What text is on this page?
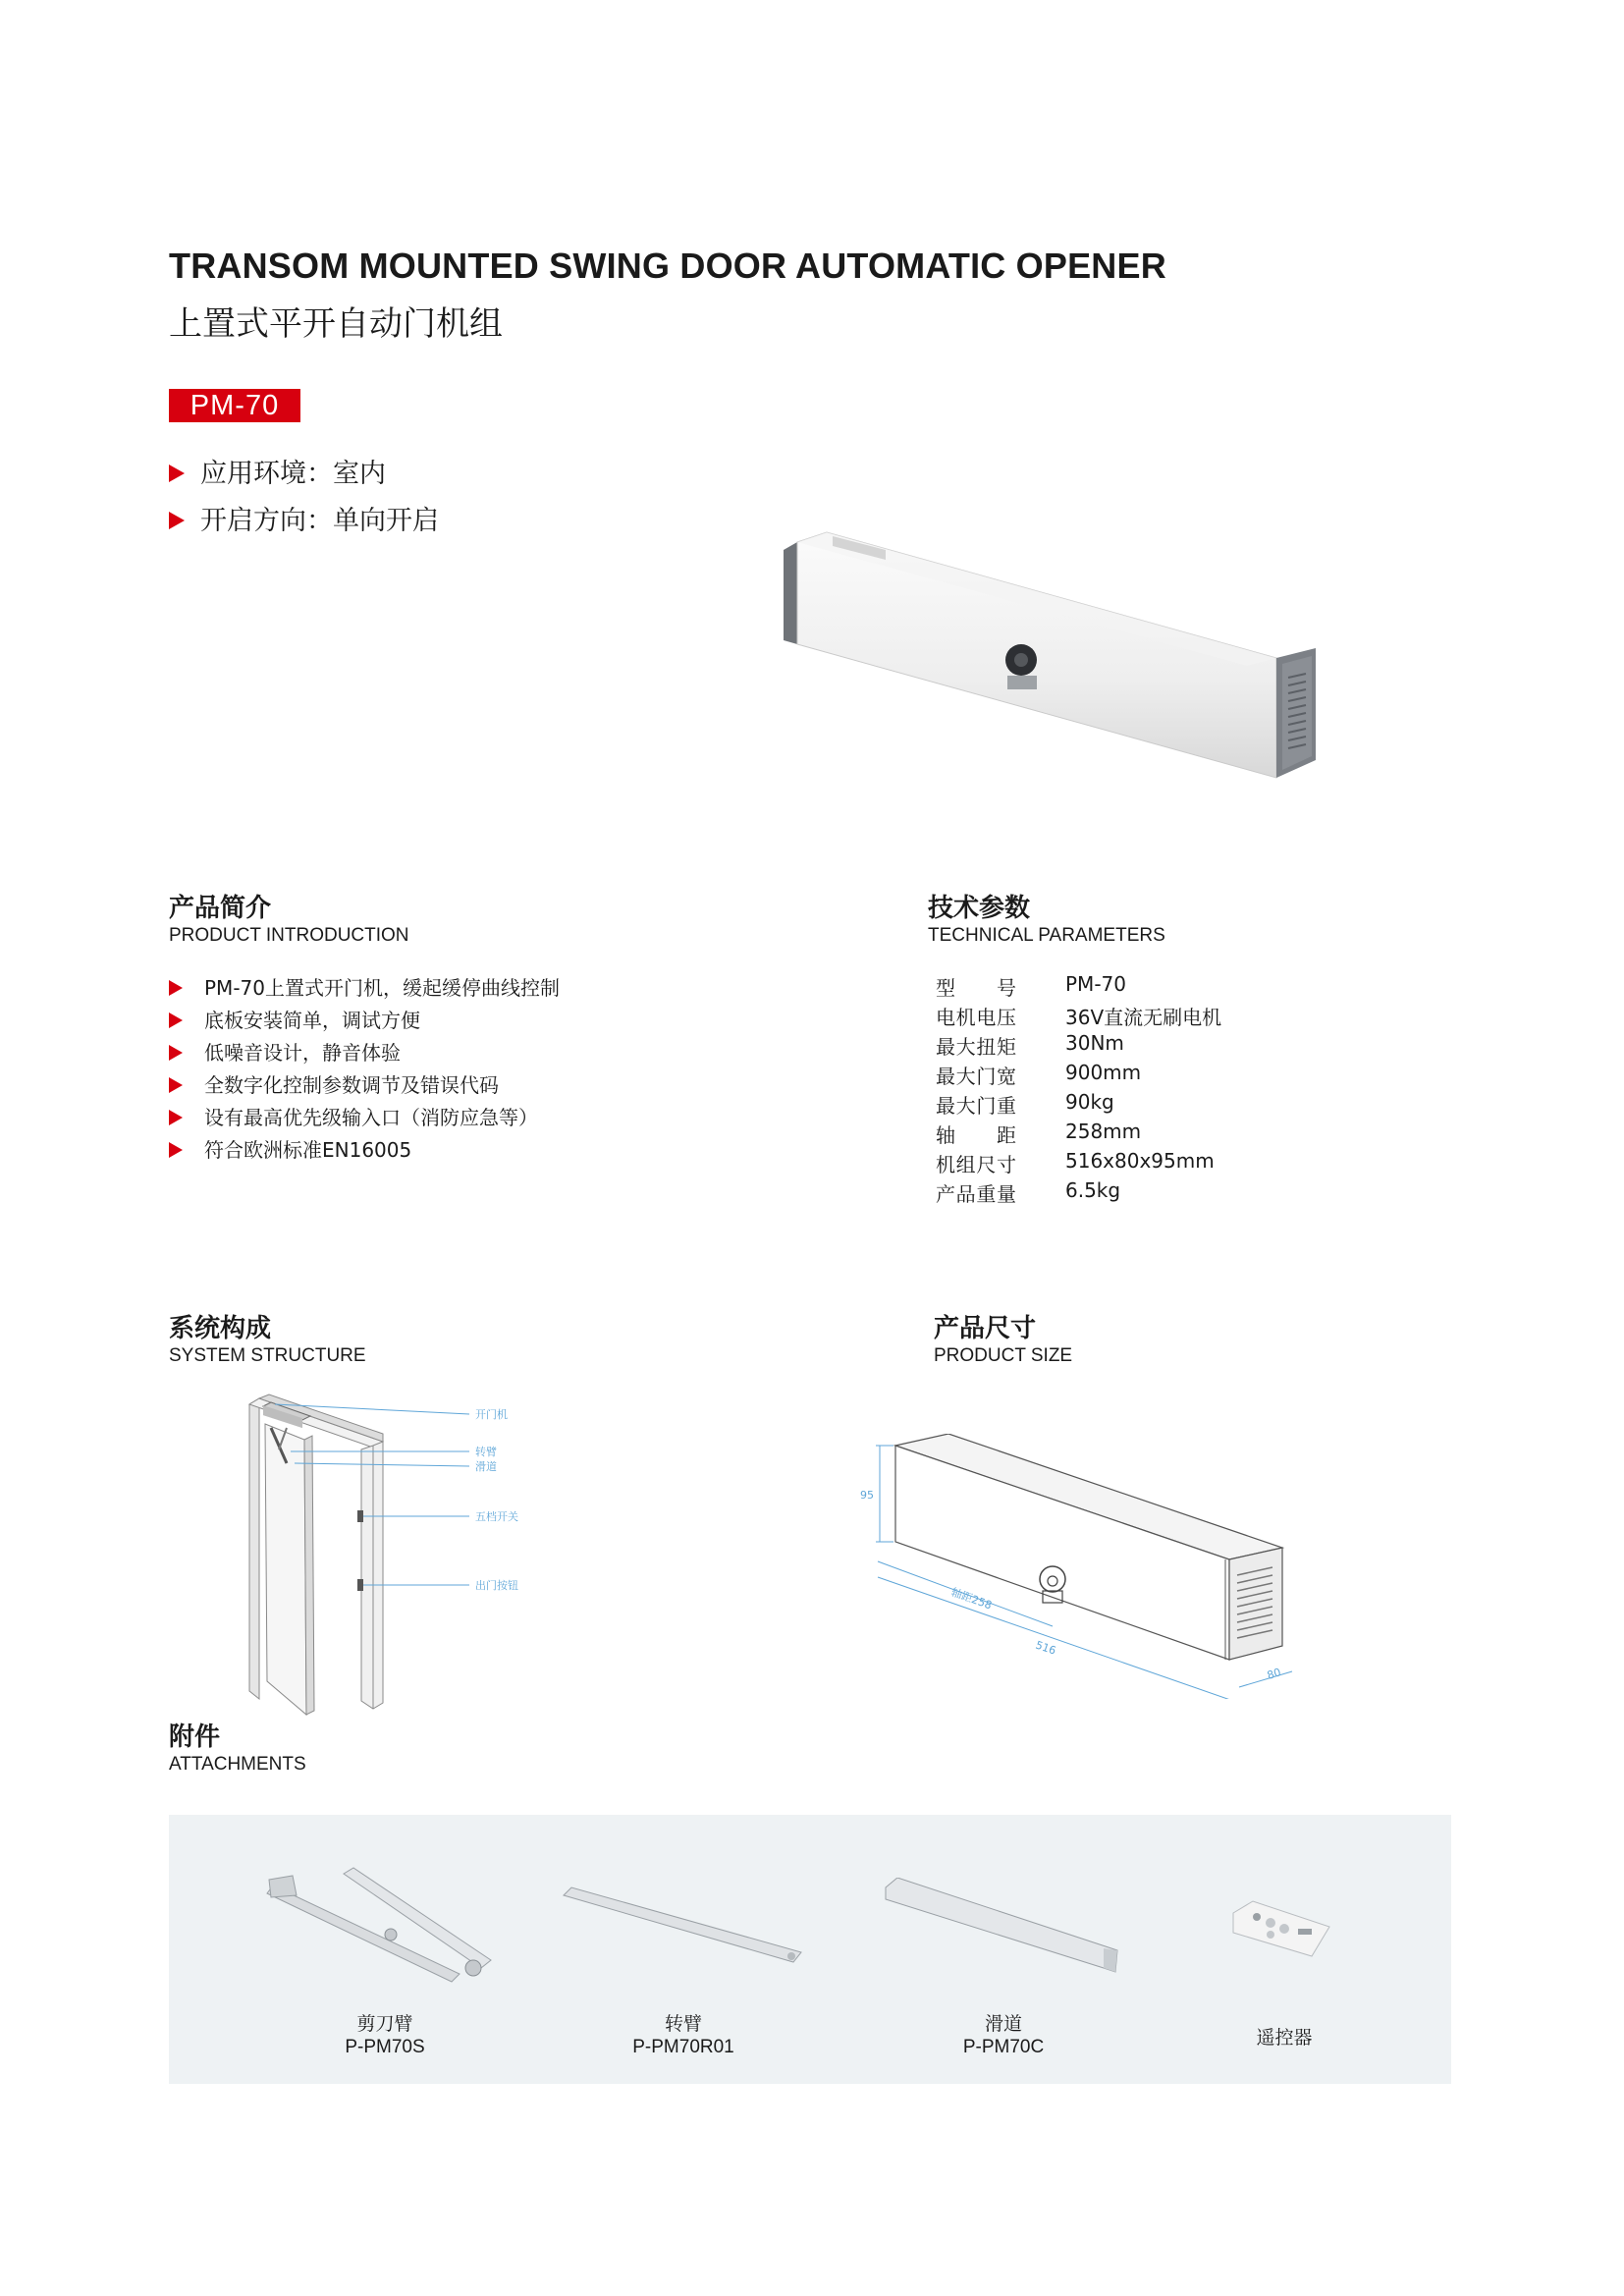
TRANSOM MOUNTED SWING DOOR AUTOMATIC OPENER
上置式平开自动门机组
PM-70
应用环境：室内
开启方向：单向开启
产品简介
PRODUCT INTRODUCTION
PM-70上置式开门机，缓起缓停曲线控制
底板安装简单，调试方便
低噪音设计，静音体验
全数字化控制参数调节及错误代码
设有最高优先级输入口（消防应急等）
符合欧洲标准EN16005
技术参数
TECHNICAL PARAMETERS
型号	PM-70
电机电压	36V直流无刷电机
最大扭矩	30Nm
最大门宽	900mm
最大门重	90kg
轴距	258mm
机组尺寸	516x80x95mm
产品重量	6.5kg
系统构成
SYSTEM STRUCTURE
开门机
转臂
滑道
五档开关
出门按钮
产品尺寸
PRODUCT SIZE
95
轴距258
516
80
附件
ATTACHMENTS
剪刀臂
P-PM70S
转臂
P-PM70R01
滑道
P-PM70C	遥控器
